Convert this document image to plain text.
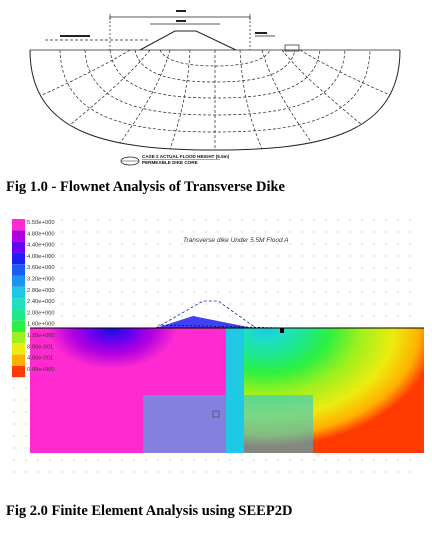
CASE 2 ACTUAL FLOOD HEIGHT (5.5m)
PERMEABLE DIKE CORE
Fig 1.0 - Flownet Analysis of Transverse Dike
5.50e+000
4.80e+000
4.40e+000
4.00e+000
3.60e+000
3.20e+000
2.80e+000
2.40e+000
2.00e+000
1.60e+000
1.20e+000
8.00e-001
4.00e-001
0.00e+000
Transverse dike Under 5.5M Flood A
Fig 2.0 Finite Element Analysis using SEEP2D
